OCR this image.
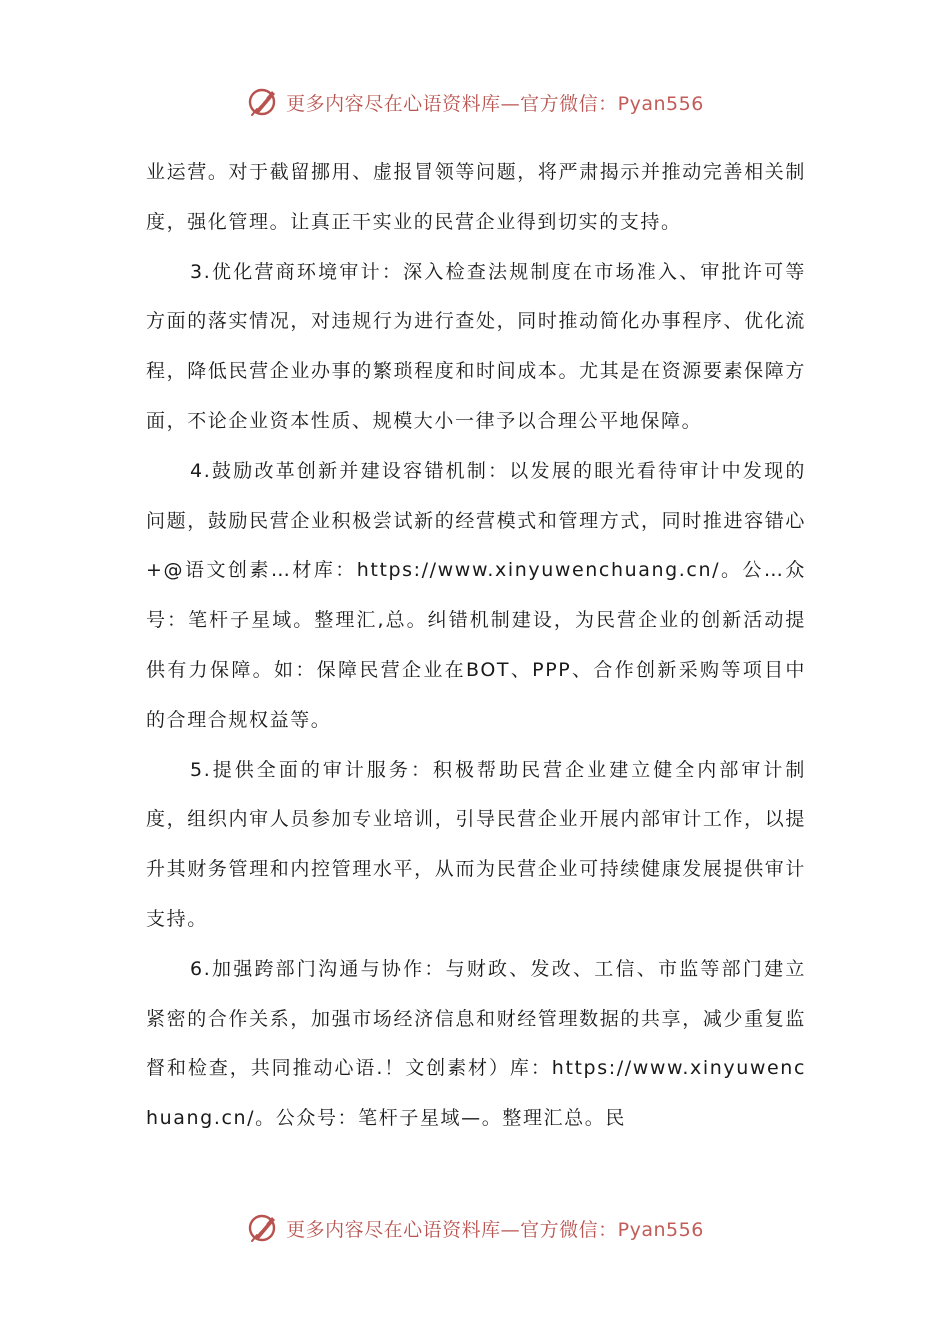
更多内容尽在心语资料库—官方微信：Pyan556

业运营。对于截留挪用、虚报冒领等问题，将严肃揭示并推动完善相关制度，强化管理。让真正干实业的民营企业得到切实的支持。

3.优化营商环境审计：深入检查法规制度在市场准入、审批许可等方面的落实情况，对违规行为进行查处，同时推动简化办事程序、优化流程，降低民营企业办事的繁琐程度和时间成本。尤其是在资源要素保障方面，不论企业资本性质、规模大小一律予以合理公平地保障。

4.鼓励改革创新并建设容错机制：以发展的眼光看待审计中发现的问题，鼓励民营企业积极尝试新的经营模式和管理方式，同时推进容错心+@语文创素…材库：https://www.xinyuwenchuang.cn/。公…众号：笔杆子星域。整理汇,总。纠错机制建设，为民营企业的创新活动提供有力保障。如：保障民营企业在BOT、PPP、合作创新采购等项目中的合理合规权益等。

5.提供全面的审计服务：积极帮助民营企业建立健全内部审计制度，组织内审人员参加专业培训，引导民营企业开展内部审计工作，以提升其财务管理和内控管理水平，从而为民营企业可持续健康发展提供审计支持。

6.加强跨部门沟通与协作：与财政、发改、工信、市监等部门建立紧密的合作关系，加强市场经济信息和财经管理数据的共享，减少重复监督和检查，共同推动心语.！文创素材）库：https://www.xinyuwenchuang.cn/。公众号：笔杆子星域—。整理汇总。民

更多内容尽在心语资料库—官方微信：Pyan556
